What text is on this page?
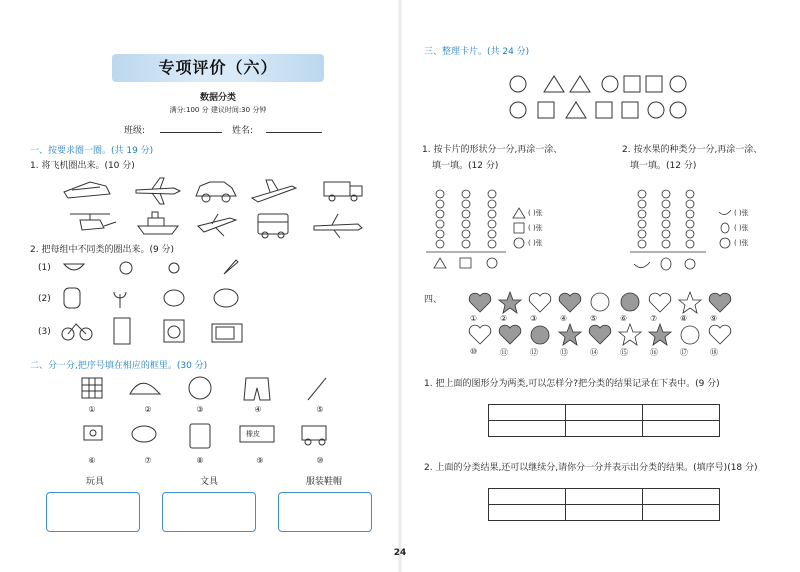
专项评价（六）
数据分类
满分:100 分 建议时间:30 分钟
班级:	姓名:
一、按要求圈一圈。(共 19 分)
1. 将飞机圈出来。(10 分)
2. 把每组中不同类的圈出来。(9 分)
(1)
(2)
(3)
二、分一分,把序号填在相应的框里。(30 分)
橡皮
①	②	③	④	⑤
⑥	⑦	⑧	⑨	⑩
玩具	文具	服装鞋帽
三、整理卡片。(共 24 分)
1. 按卡片的形状分一分,再涂一涂、
填一填。(12 分)
2. 按水果的种类分一分,再涂一涂、
填一填。(12 分)
( )张
( )张
( )张
( )张
( )张
( )张
四、
①	②	③	④	⑤	⑥	⑦	⑧	⑨
⑩	⑪	⑫	⑬	⑭	⑮	⑯	⑰	⑱
1. 把上面的图形分为两类,可以怎样分?把分类的结果记录在下表中。(9 分)

2. 上面的分类结果,还可以继续分,请你分一分并表示出分类的结果。(填序号)(18 分)

24
